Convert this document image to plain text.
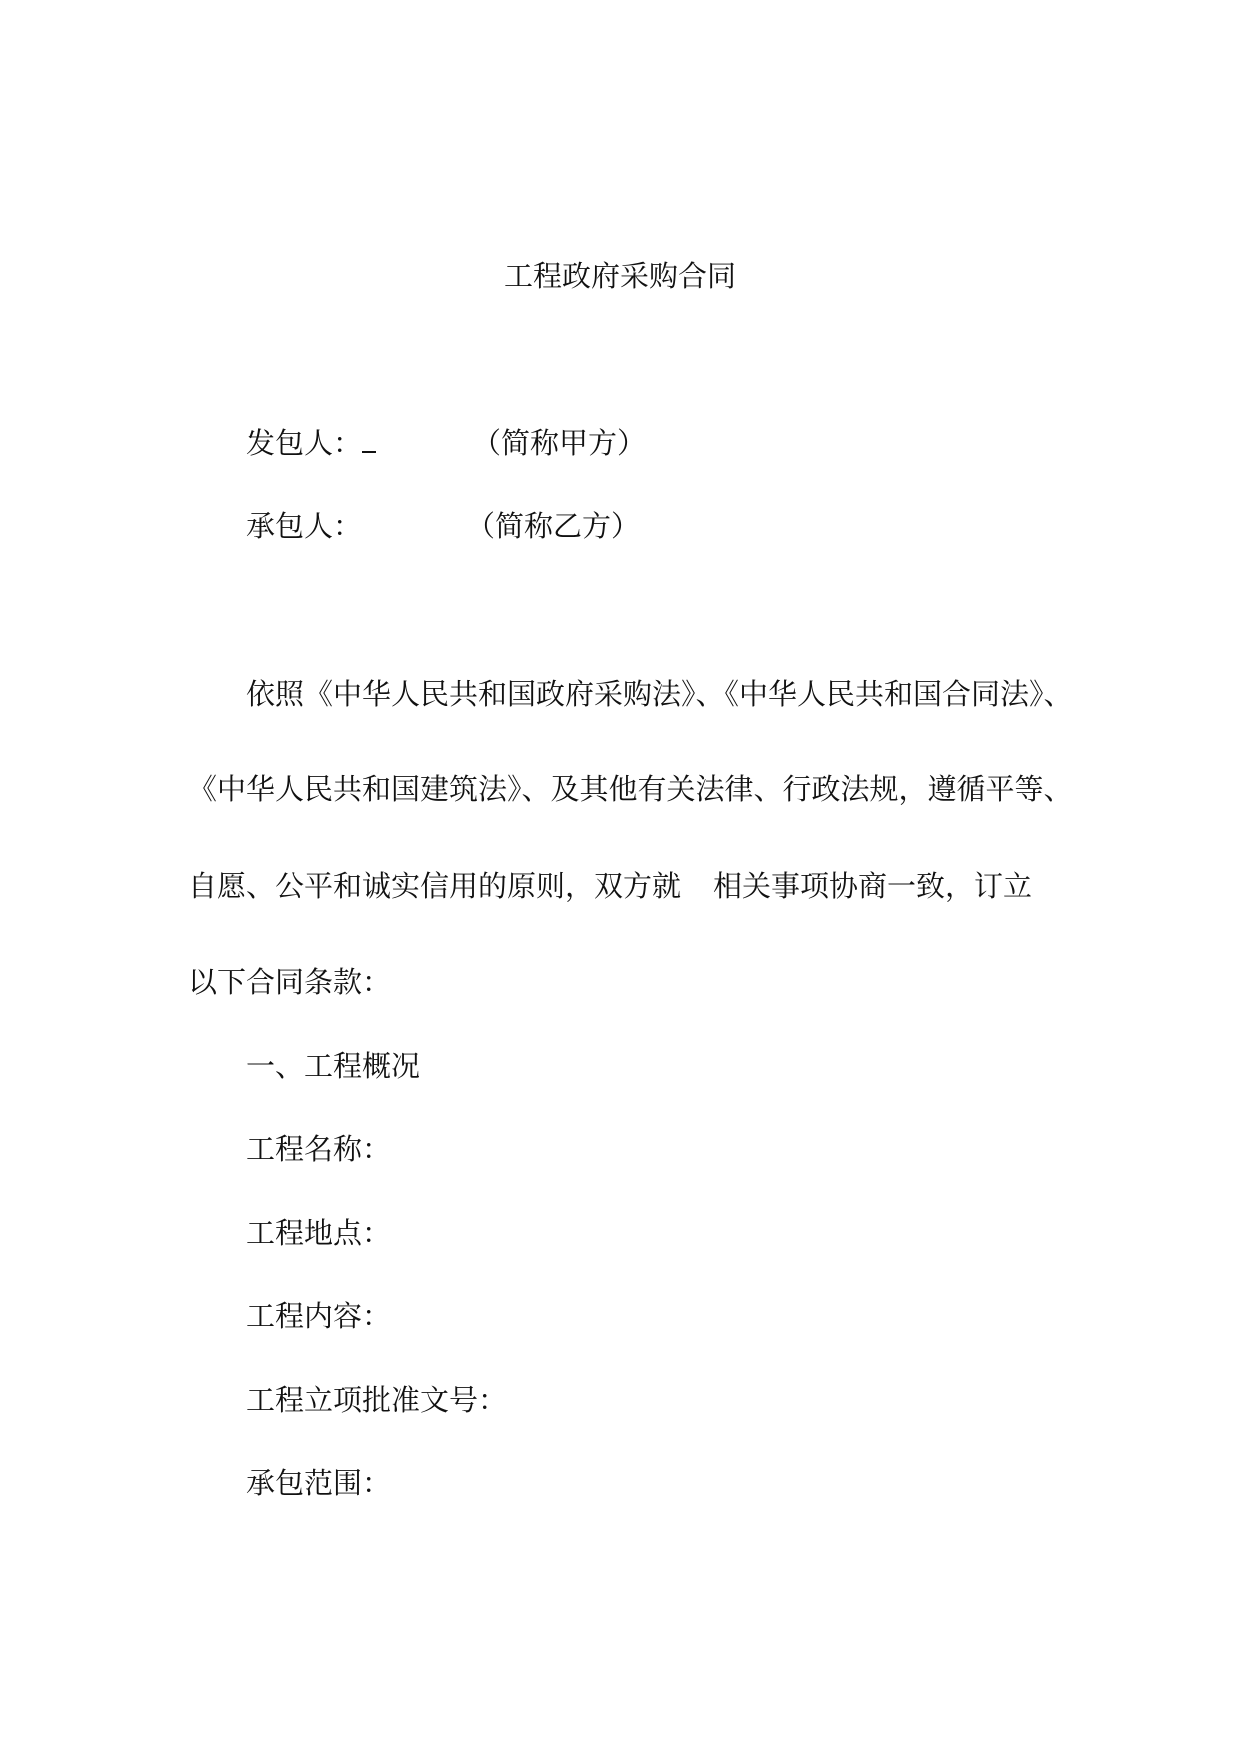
工程政府采购合同
发包人：	（简称甲方）
承包人：	（简称乙方）
依照《中华人民共和国政府采购法》、《中华人民共和国合同法》、
《中华人民共和国建筑法》、及其他有关法律、行政法规，遵循平等、
自愿、公平和诚实信用的原则，双方就 相关事项协商一致，订立
以下合同条款：
一、工程概况
工程名称：
工程地点：
工程内容：
工程立项批准文号：
承包范围：
